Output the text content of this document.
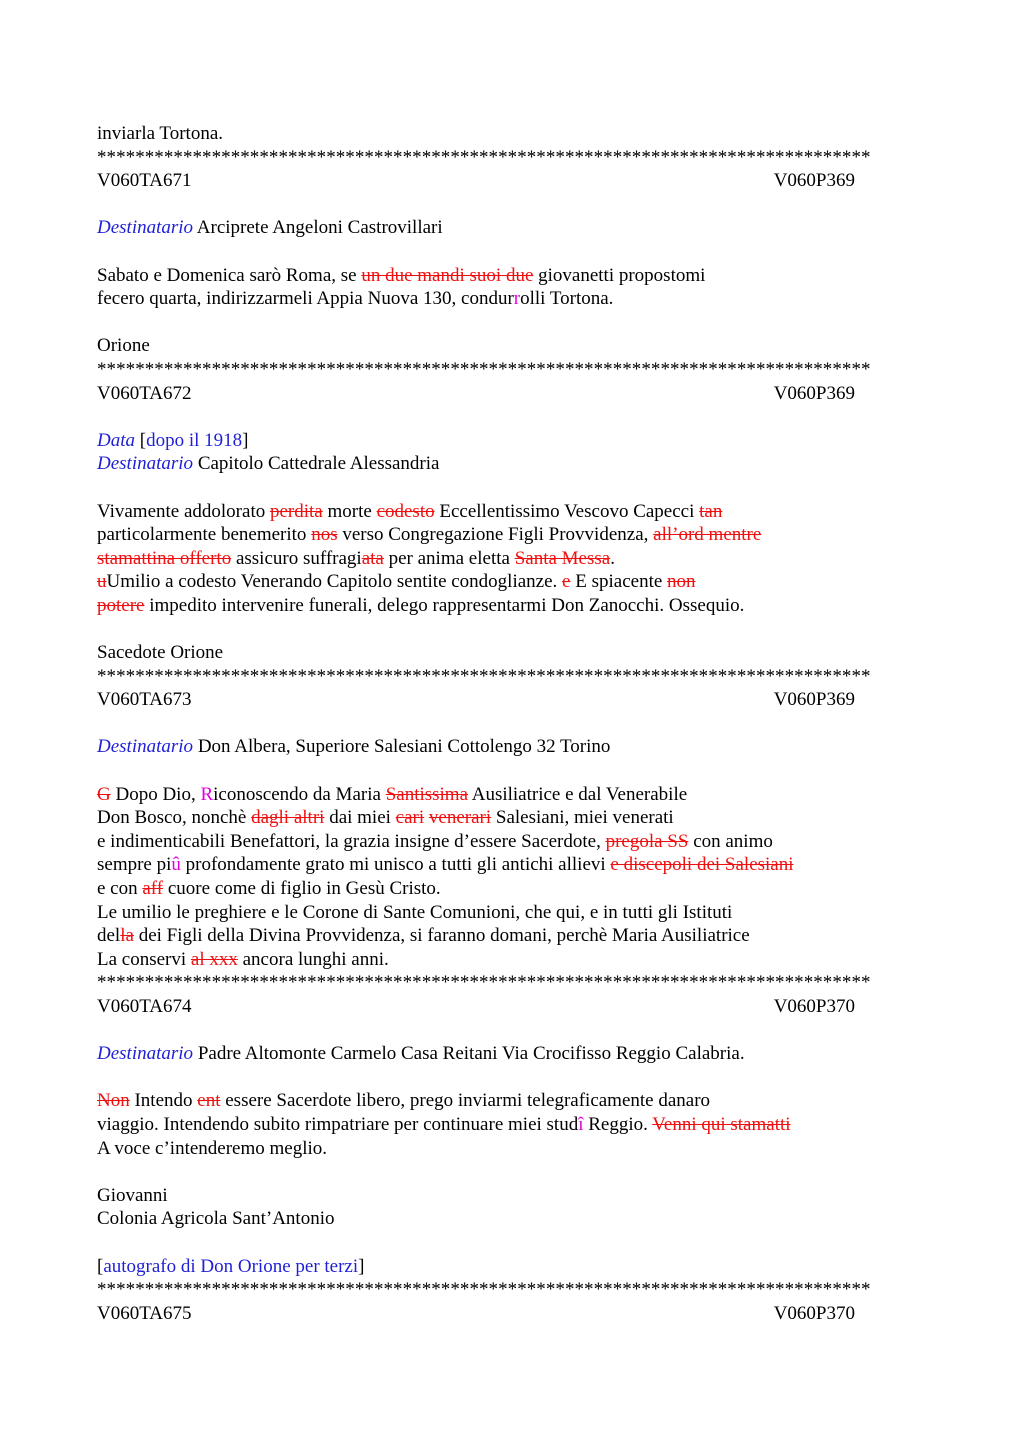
inviarla Tortona.
*********************************************************************************
V060TA671	V060P369
Destinatario Arciprete Angeloni Castrovillari
Sabato e Domenica sarò Roma, se un due mandi suoi due giovanetti propostomi
fecero quarta, indirizzarmeli Appia Nuova 130, condurrolli Tortona.
Orione
*********************************************************************************
V060TA672	V060P369
Data [dopo il 1918]
Destinatario Capitolo Cattedrale Alessandria
Vivamente addolorato perdita morte codesto Eccellentissimo Vescovo Capecci tan
particolarmente benemerito nos verso Congregazione Figli Provvidenza, all’ord mentre
stamattina offerto assicuro suffragiata per anima eletta Santa Messa.
uUmilio a codesto Venerando Capitolo sentite condoglianze. e E spiacente non
potere impedito intervenire funerali, delego rappresentarmi Don Zanocchi. Ossequio.
Sacedote Orione
*********************************************************************************
V060TA673	V060P369
Destinatario Don Albera, Superiore Salesiani Cottolengo 32 Torino
G Dopo Dio, Riconoscendo da Maria Santissima Ausiliatrice e dal Venerabile
Don Bosco, nonchè dagli altri dai miei cari venerari Salesiani, miei venerati
e indimenticabili Benefattori, la grazia insigne d’essere Sacerdote, pregola SS con animo
sempre piû profondamente grato mi unisco a tutti gli antichi allievi e discepoli dei Salesiani
e con aff cuore come di figlio in Gesù Cristo.
Le umilio le preghiere e le Corone di Sante Comunioni, che qui, e in tutti gli Istituti
della dei Figli della Divina Provvidenza, si faranno domani, perchè Maria Ausiliatrice
La conservi al xxx ancora lunghi anni.
*********************************************************************************
V060TA674	V060P370
Destinatario Padre Altomonte Carmelo Casa Reitani Via Crocifisso Reggio Calabria.
Non Intendo ent essere Sacerdote libero, prego inviarmi telegraficamente danaro
viaggio. Intendendo subito rimpatriare per continuare miei studî Reggio. Venni qui stamatti
A voce c’intenderemo meglio.
Giovanni
Colonia Agricola Sant’Antonio
[autografo di Don Orione per terzi]
*********************************************************************************
V060TA675	V060P370
